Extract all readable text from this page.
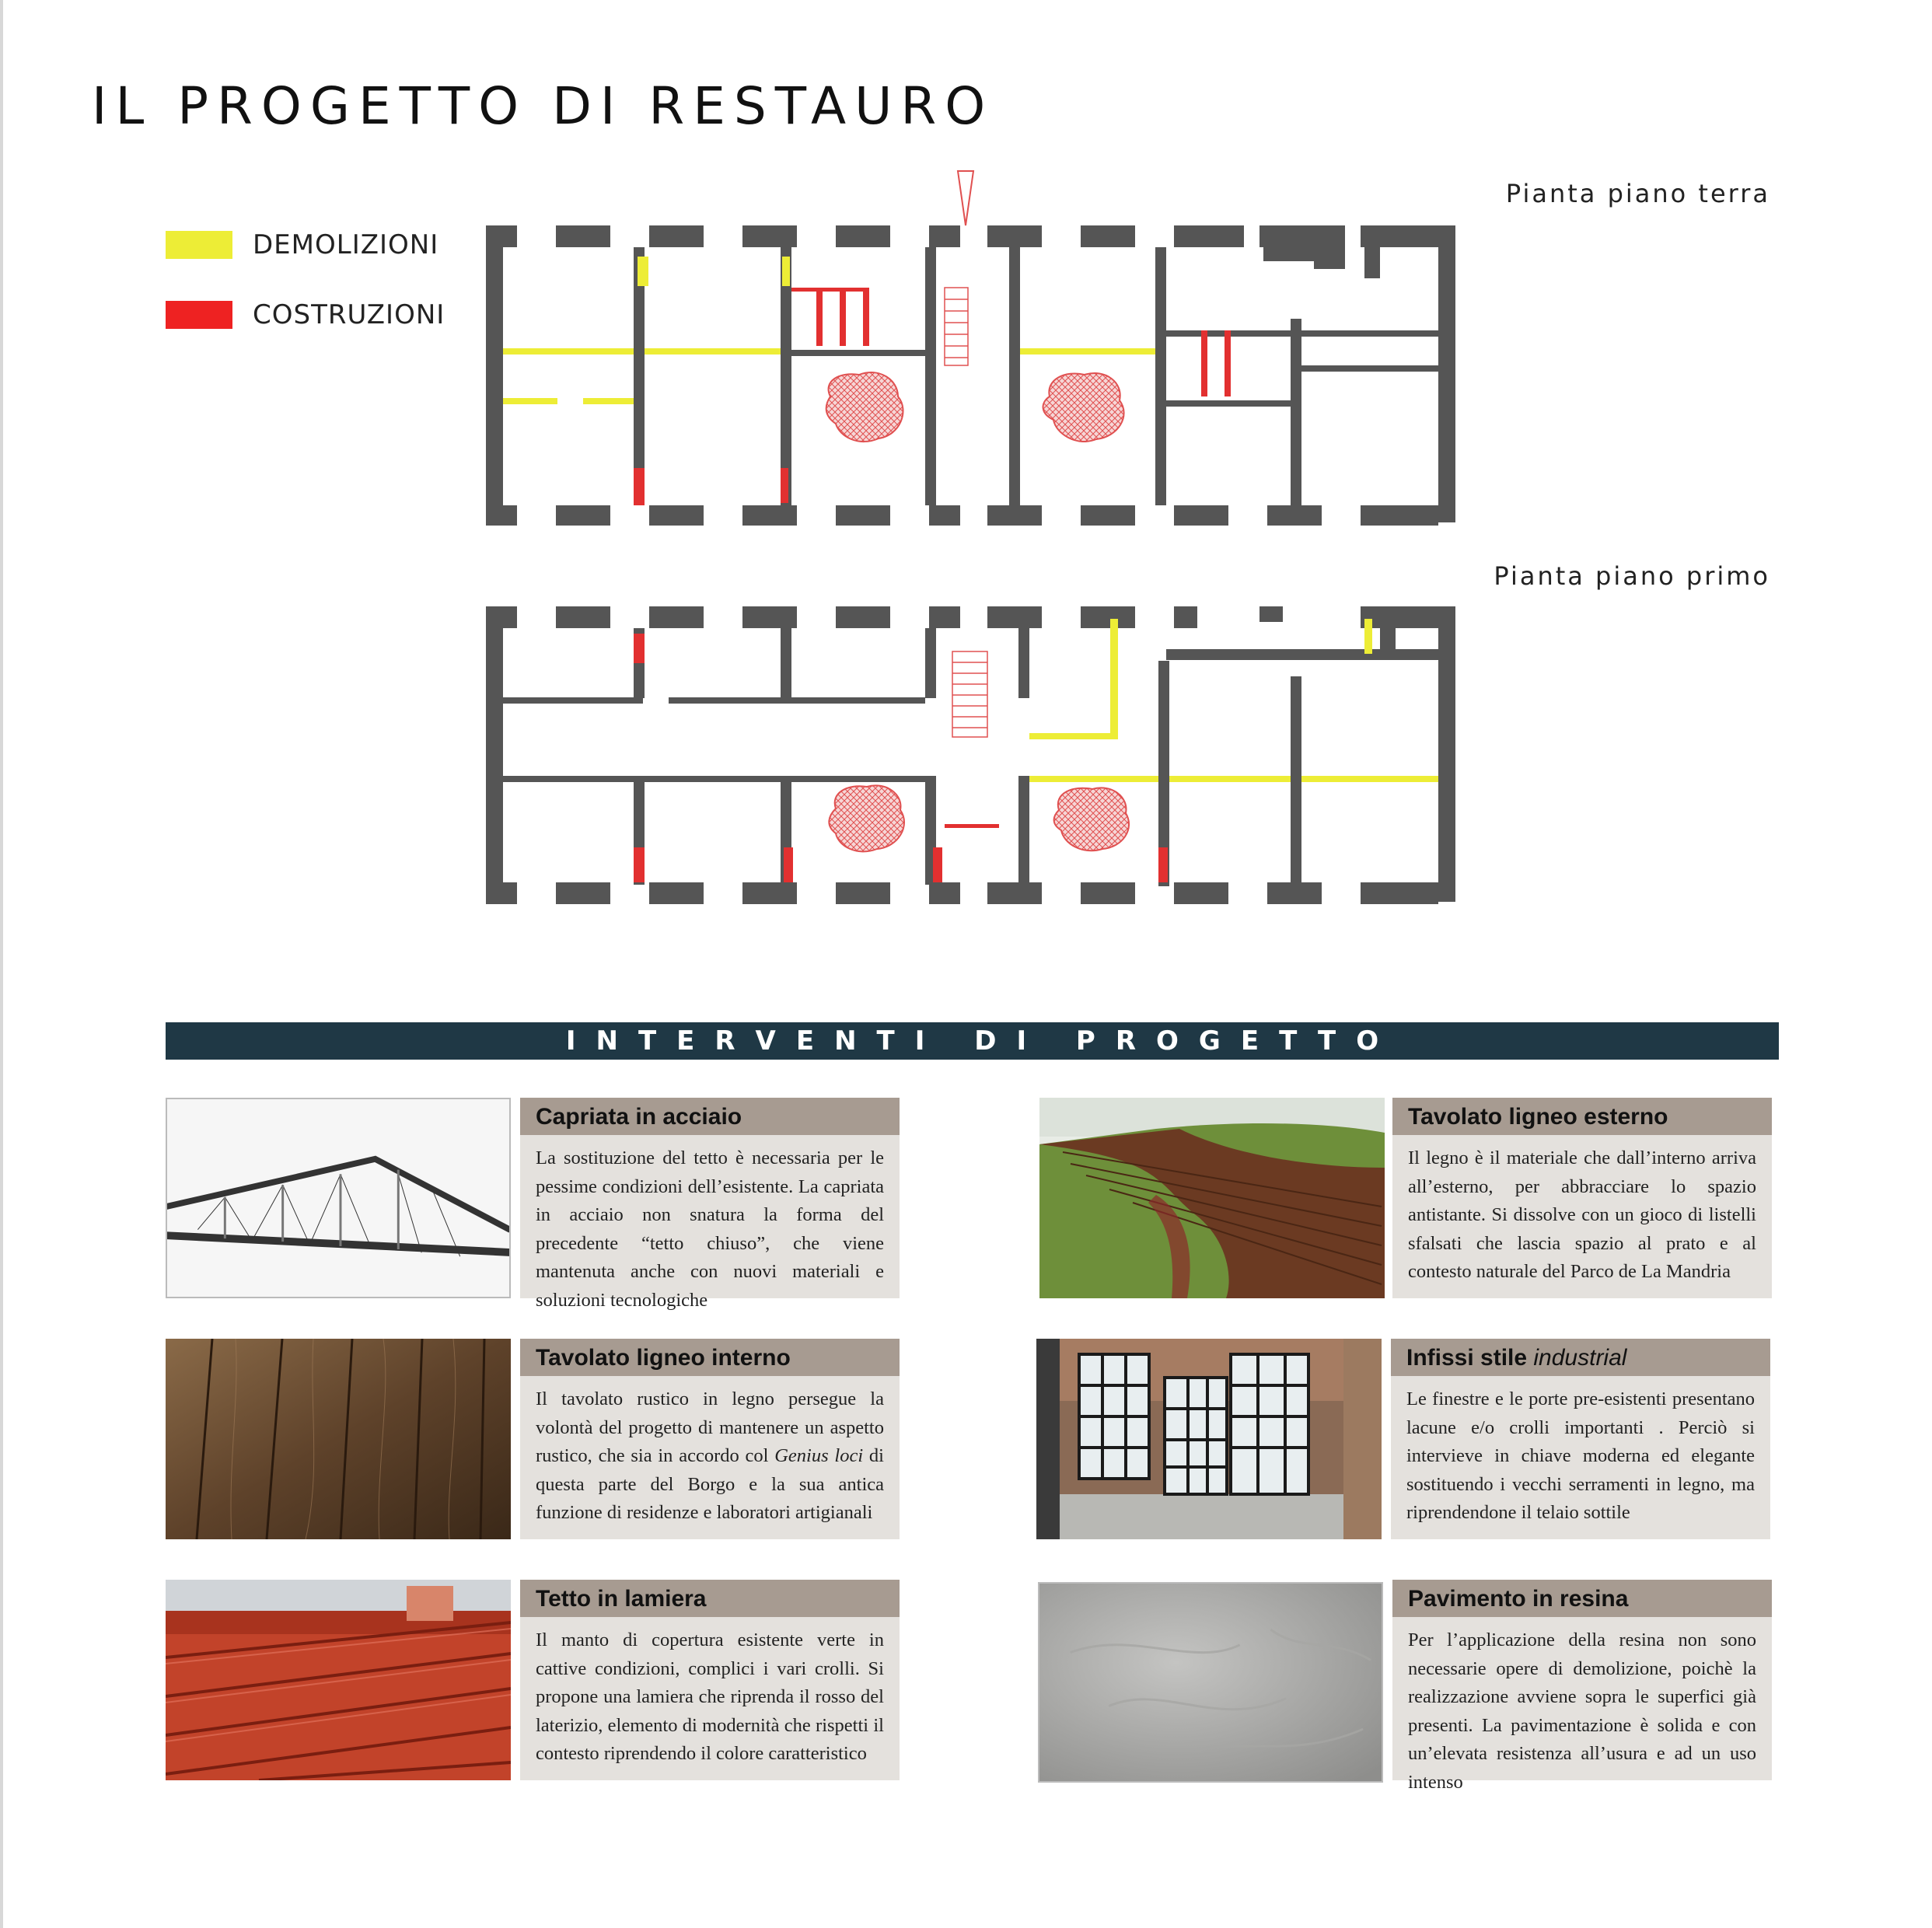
IL PROGETTO DI RESTAURO
DEMOLIZIONI
COSTRUZIONI
Pianta piano terra
Pianta piano primo
INTERVENTI DI PROGETTO
Capriata in acciaio
La sostituzione del tetto è necessaria per le pessime condizioni dell’esistente. La capriata in acciaio non snatura la forma del precedente “tetto chiuso”, che viene mantenuta anche con nuovi materiali e soluzioni tecnologiche
Tavolato ligneo esterno
Il legno è il materiale che dall’interno arriva all’esterno, per abbracciare lo spazio antistante. Si dissolve con un gioco di listelli sfalsati che lascia spazio al prato e al contesto naturale del Parco de La Mandria
Tavolato ligneo interno
Il tavolato rustico in legno persegue la volontà del progetto di mantenere un aspetto rustico, che sia in accordo col Genius loci di questa parte del Borgo e la sua antica funzione di residenze e laboratori artigianali
Infissi stile industrial
Le finestre e le porte pre-esistenti presentano lacune e/o crolli importanti . Perciò si intervieve in chiave moderna ed elegante sostituendo i vecchi serramenti in legno, ma riprendendone il telaio sottile
Tetto in lamiera
Il manto di copertura esistente verte in cattive condizioni, complici i vari crolli. Si propone una lamiera che riprenda il rosso del laterizio, elemento di modernità che rispetti il contesto riprendendo il colore caratteristico
Pavimento in resina
Per l’applicazione della resina non sono necessarie opere di demolizione, poichè la realizzazione avviene sopra le superfici già presenti. La pavimentazione è solida e con un’elevata resistenza all’usura e ad un uso intenso
